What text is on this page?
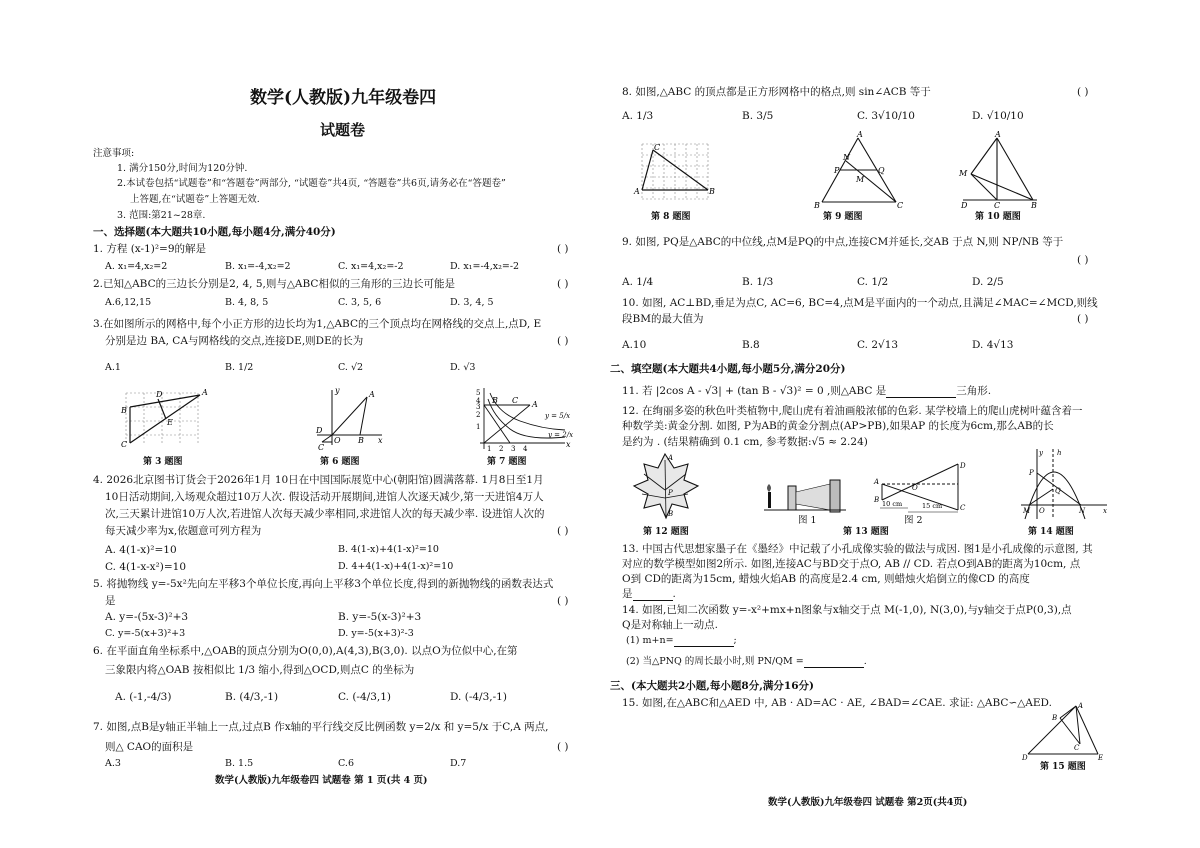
数学(人教版)九年级卷四
试题卷
注意事项:
1. 满分150分,时间为120分钟.
2.本试卷包括“试题卷”和“答题卷”两部分, “试题卷”共4页, “答题卷”共6页,请务必在“答题卷”
上答题,在“试题卷”上答题无效.
3. 范围:第21~28章.
一、选择题(本大题共10小题,每小题4分,满分40分)
1. 方程 (x-1)²=9的解是	( )
A. x₁=4,x₂=2	B. x₁=-4,x₂=2	C. x₁=4,x₂=-2	D. x₁=-4,x₂=-2
2.已知△ABC的三边长分别是2, 4, 5,则与△ABC相似的三角形的三边长可能是	( )
A.6,12,15	B. 4, 8, 5	C. 3, 5, 6	D. 3, 4, 5
3.在如图所示的网格中,每个小正方形的边长均为1,△ABC的三个顶点均在网格线的交点上,点D, E
分别是边 BA, CA与网格线的交点,连接DE,则DE的长为	( )
A.1	B. 1/2	C. √2	D. √3
A
B
C
D
E
第 3 题图
y	A
x
O B
D
C
第 6 题图
5
4
3
2
1
1 2 3 4
B C A
y = 5/x
y = 2/x
x
第 7 题图
4. 2026北京图书订货会于2026年1月 10日在中国国际展览中心(朝阳馆)圆满落幕. 1月8日至1月
10日活动期间,入场观众超过10万人次. 假设活动开展期间,进馆人次逐天减少,第一天进馆4万人
次,三天累计进馆10万人次,若进馆人次每天减少率相同,求进馆人次的每天减少率. 设进馆人次的
每天减少率为x,依题意可列方程为	( )
A. 4(1-x)²=10	B. 4(1-x)+4(1-x)²=10
C. 4(1-x-x²)=10	D. 4+4(1-x)+4(1-x)²=10
5. 将抛物线 y=-5x²先向左平移3个单位长度,再向上平移3个单位长度,得到的新抛物线的函数表达式
是	( )
A. y=-(5x-3)²+3	B. y=-5(x-3)²+3
C. y=-5(x+3)²+3	D. y=-5(x+3)²-3
6. 在平面直角坐标系中,△OAB的顶点分别为O(0,0),A(4,3),B(3,0). 以点O为位似中心,在第
三象限内将△OAB 按相似比 1/3 缩小,得到△OCD,则点C 的坐标为
A. (-1,-4/3)	B. (4/3,-1)	C. (-4/3,1)	D. (-4/3,-1)
7. 如图,点B是y轴正半轴上一点,过点B 作x轴的平行线交反比例函数 y=2/x 和 y=5/x 于C,A 两点,
则△ CAO的面积是	( )
A.3	B. 1.5	C.6	D.7
数学(人教版)九年级卷四 试题卷 第 1 页(共 4 页)
8. 如图,△ABC 的顶点都是正方形网格中的格点,则 sin∠ACB 等于	( )
A. 1/3	B. 3/5	C. 3√10/10	D. √10/10
C
A	B
第 8 题图
A
N
P
M
Q
B	C
第 9 题图
A
M
D	C	B
第 10 题图
9. 如图, PQ是△ABC的中位线,点M是PQ的中点,连接CM并延长,交AB 于点 N,则 NP/NB 等于
( )
A. 1/4	B. 1/3	C. 1/2	D. 2/5
10. 如图, AC⊥BD,垂足为点C, AC=6, BC=4,点M是平面内的一个动点,且满足∠MAC=∠MCD,则线
段BM的最大值为	( )
A.10	B.8	C. 2√13	D. 4√13
二、填空题(本大题共4小题,每小题5分,满分20分)
11. 若 |2cos A - √3| + (tan B - √3)² = 0 ,则△ABC 是	三角形.
12. 在绚丽多姿的秋色叶类植物中,爬山虎有着油画般浓郁的色彩. 某学校墙上的爬山虎树叶蕴含着一
种数学美:黄金分割. 如图, P为AB的黄金分割点(AP>PB),如果AP 的长度为6cm,那么AB的长
是约为 . (结果精确到 0.1 cm, 参考数据:√5 ≈ 2.24)
A
P
B
第 12 题图
图 1
A
B
O
D
C
10 cm	15 cm
图 2
第 13 题图
y h
P
Q
M O	N	x
第 14 题图
13. 中国古代思想家墨子在《墨经》中记载了小孔成像实验的做法与成因. 图1是小孔成像的示意图, 其
对应的数学模型如图2所示. 如图,连接AC与BD交于点O, AB // CD. 若点O到AB的距离为10cm, 点
O到 CD的距离为15cm, 蜡烛火焰AB 的高度是2.4 cm, 则蜡烛火焰倒立的像CD 的高度
是	.
14. 如图,已知二次函数 y=-x²+mx+n图象与x轴交于点 M(-1,0), N(3,0),与y轴交于点P(0,3),点
Q是对称轴上一动点.
(1) m+n=	;
(2) 当△PNQ 的周长最小时,则 PN/QM =	.
三、(本大题共2小题,每小题8分,满分16分)
15. 如图,在△ABC和△AED 中, AB · AD=AC · AE, ∠BAD=∠CAE. 求证: △ABC∽△AED.	A
B
C
D	E
第 15 题图
数学(人教版)九年级卷四 试题卷 第2页(共4页)
